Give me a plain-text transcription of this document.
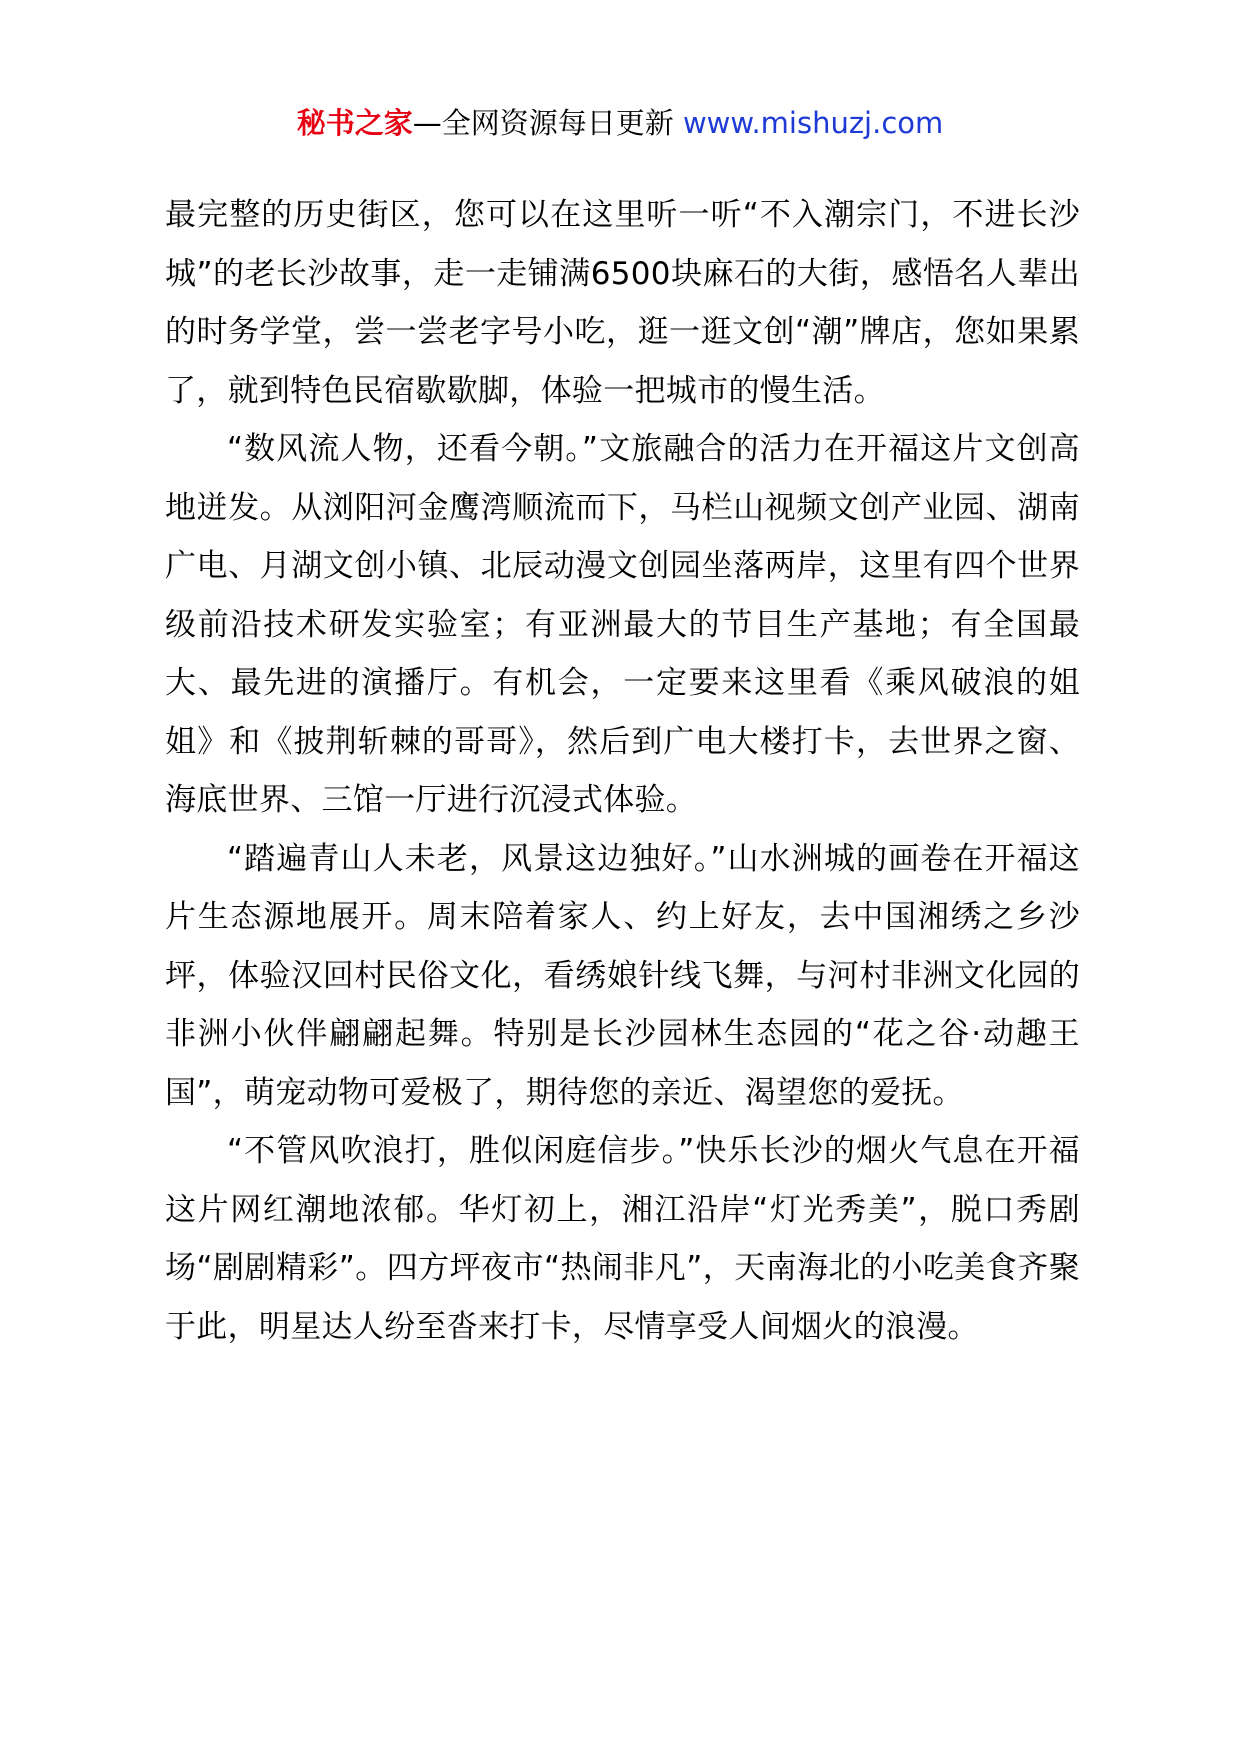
秘书之家—全网资源每日更新 www.mishuzj.com

最完整的历史街区，您可以在这里听一听“不入潮宗门，不进长沙城”的老长沙故事，走一走铺满6500块麻石的大街，感悟名人辈出的时务学堂，尝一尝老字号小吃，逛一逛文创“潮”牌店，您如果累了，就到特色民宿歇歇脚，体验一把城市的慢生活。

“数风流人物，还看今朝。”文旅融合的活力在开福这片文创高地迸发。从浏阳河金鹰湾顺流而下，马栏山视频文创产业园、湖南广电、月湖文创小镇、北辰动漫文创园坐落两岸，这里有四个世界级前沿技术研发实验室；有亚洲最大的节目生产基地；有全国最大、最先进的演播厅。有机会，一定要来这里看《乘风破浪的姐姐》和《披荆斩棘的哥哥》，然后到广电大楼打卡，去世界之窗、海底世界、三馆一厅进行沉浸式体验。

“踏遍青山人未老，风景这边独好。”山水洲城的画卷在开福这片生态源地展开。周末陪着家人、约上好友，去中国湘绣之乡沙坪，体验汉回村民俗文化，看绣娘针线飞舞，与河村非洲文化园的非洲小伙伴翩翩起舞。特别是长沙园林生态园的“花之谷·动趣王国”，萌宠动物可爱极了，期待您的亲近、渴望您的爱抚。

“不管风吹浪打，胜似闲庭信步。”快乐长沙的烟火气息在开福这片网红潮地浓郁。华灯初上，湘江沿岸“灯光秀美”，脱口秀剧场“剧剧精彩”。四方坪夜市“热闹非凡”，天南海北的小吃美食齐聚于此，明星达人纷至沓来打卡，尽情享受人间烟火的浪漫。
